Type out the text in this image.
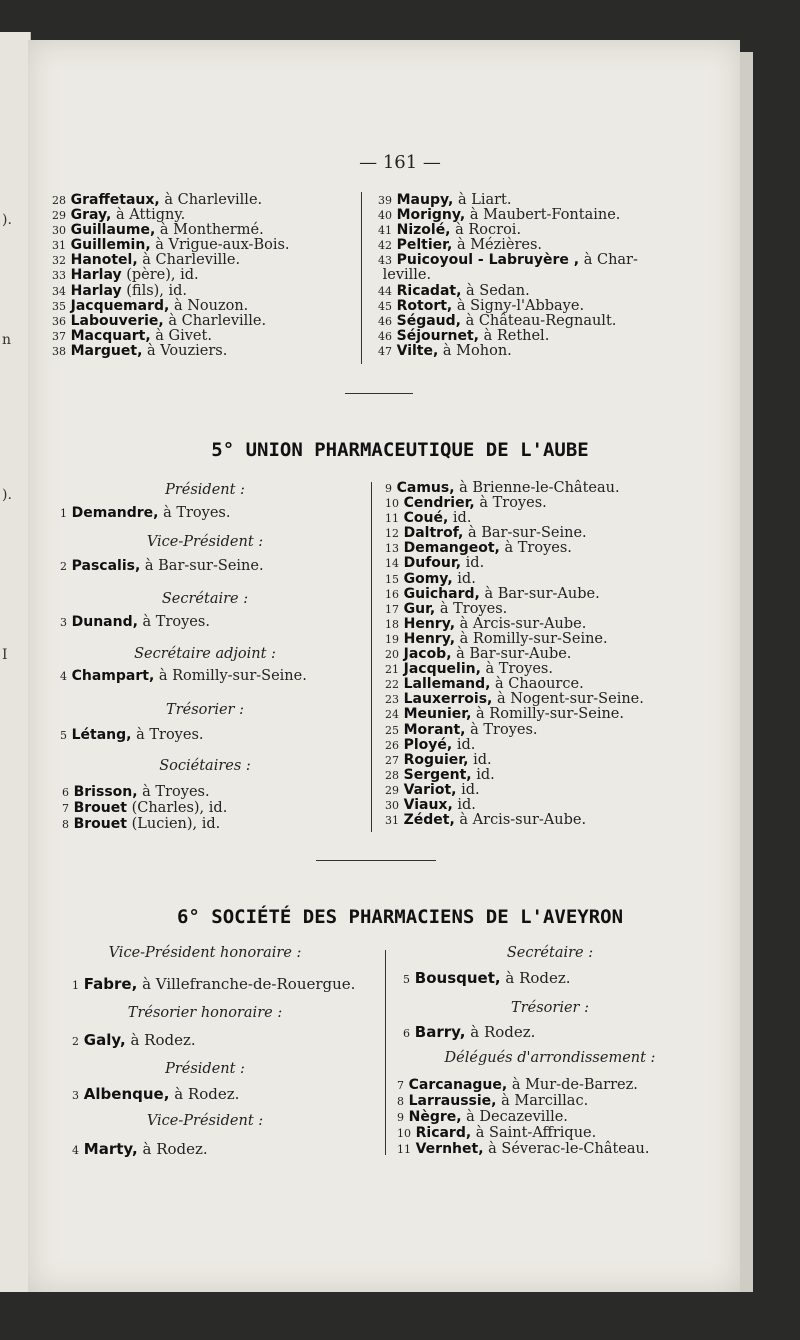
).
n
).
I
— 161 —
28 Graffetaux, à Charleville.
29 Gray, à Attigny.
30 Guillaume, à Monthermé.
31 Guillemin, à Vrigue-aux-Bois.
32 Hanotel, à Charleville.
33 Harlay (père), id.
34 Harlay (fils), id.
35 Jacquemard, à Nouzon.
36 Labouverie, à Charleville.
37 Macquart, à Givet.
38 Marguet, à Vouziers.
39 Maupy, à Liart.
40 Morigny, à Maubert-Fontaine.
41 Nizolé, à Rocroi.
42 Peltier, à Mézières.
43 Puicoyoul - Labruyère , à Char-
leville.
44 Ricadat, à Sedan.
45 Rotort, à Signy-l'Abbaye.
46 Ségaud, à Château-Regnault.
46 Séjournet, à Rethel.
47 Vilte, à Mohon.
5° UNION PHARMACEUTIQUE DE L'AUBE
Président :
1 Demandre, à Troyes.
Vice-Président :
2 Pascalis, à Bar-sur-Seine.
Secrétaire :
3 Dunand, à Troyes.
Secrétaire adjoint :
4 Champart, à Romilly-sur-Seine.
Trésorier :
5 Létang, à Troyes.
Sociétaires :
6 Brisson, à Troyes.
7 Brouet (Charles), id.
8 Brouet (Lucien), id.
9 Camus, à Brienne-le-Château.
10 Cendrier, à Troyes.
11 Coué, id.
12 Daltrof, à Bar-sur-Seine.
13 Demangeot, à Troyes.
14 Dufour, id.
15 Gomy, id.
16 Guichard, à Bar-sur-Aube.
17 Gur, à Troyes.
18 Henry, à Arcis-sur-Aube.
19 Henry, à Romilly-sur-Seine.
20 Jacob, à Bar-sur-Aube.
21 Jacquelin, à Troyes.
22 Lallemand, à Chaource.
23 Lauxerrois, à Nogent-sur-Seine.
24 Meunier, à Romilly-sur-Seine.
25 Morant, à Troyes.
26 Ployé, id.
27 Roguier, id.
28 Sergent, id.
29 Variot, id.
30 Viaux, id.
31 Zédet, à Arcis-sur-Aube.
6° SOCIÉTÉ DES PHARMACIENS DE L'AVEYRON
Vice-Président honoraire :
1 Fabre, à Villefranche-de-Rouergue.
Trésorier honoraire :
2 Galy, à Rodez.
Président :
3 Albenque, à Rodez.
Vice-Président :
4 Marty, à Rodez.
Secrétaire :
5 Bousquet, à Rodez.
Trésorier :
6 Barry, à Rodez.
Délégués d'arrondissement :
7 Carcanague, à Mur-de-Barrez.
8 Larraussie, à Marcillac.
9 Nègre, à Decazeville.
10 Ricard, à Saint-Affrique.
11 Vernhet, à Séverac-le-Château.
